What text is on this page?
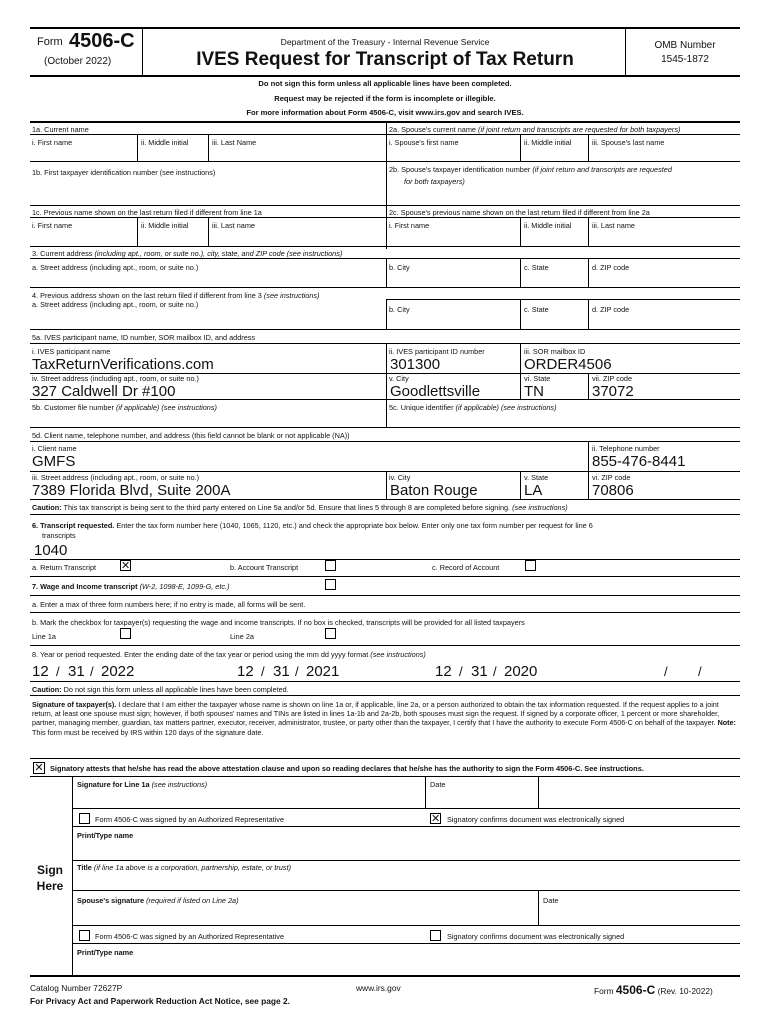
Form 4506-C
(October 2022)
Department of the Treasury - Internal Revenue Service
IVES Request for Transcript of Tax Return
OMB Number
1545-1872
Do not sign this form unless all applicable lines have been completed.
Request may be rejected if the form is incomplete or illegible.
For more information about Form 4506-C, visit www.irs.gov and search IVES.
1a. Current name	2a. Spouse's current name (if joint return and transcripts are requested for both taxpayers)
i. First name	ii. Middle initial	iii. Last Name	i. Spouse's first name	ii. Middle initial	iii. Spouse's last name
1b. First taxpayer identification number (see instructions)	2b. Spouse's taxpayer identification number (if joint return and transcripts are requested
for both taxpayers)
1c. Previous name shown on the last return filed if different from line 1a	2c. Spouse's previous name shown on the last return filed if different from line 2a
i. First name	ii. Middle initial	iii. Last name	i. First name	ii. Middle initial	iii. Last name
3. Current address (including apt., room, or suite no.), city, state, and ZIP code (see instructions)
a. Street address (including apt., room, or suite no.)	b. City	c. State	d. ZIP code
4. Previous address shown on the last return filed if different from line 3 (see instructions)
a. Street address (including apt., room, or suite no.)
b. City	c. State	d. ZIP code
5a. IVES participant name, ID number, SOR mailbox ID, and address
i. IVES participant name
TaxReturnVerifications.com
ii. IVES participant ID number
301300
iii. SOR mailbox ID
ORDER4506
iv. Street address (including apt., room, or suite no.)
327 Caldwell Dr #100
v. City
Goodlettsville
vi. State
TN
vii. ZIP code
37072
5b. Customer file number (if applicable) (see instructions)	5c. Unique identifier (if applicable) (see instructions)
5d. Client name, telephone number, and address (this field cannot be blank or not applicable (NA))
i. Client name
GMFS
ii. Telephone number
855-476-8441
iii. Street address (including apt., room, or suite no.)
7389 Florida Blvd, Suite 200A
iv. City
Baton Rouge
v. State
LA
vi. ZIP code
70806
Caution: This tax transcript is being sent to the third party entered on Line 5a and/or 5d. Ensure that lines 5 through 8 are completed before signing. (see instructions)
6. Transcript requested. Enter the tax form number here (1040, 1065, 1120, etc.) and check the appropriate box below. Enter only one tax form number per request for line 6
transcripts
1040
a. Return Transcript ✕	b. Account Transcript	c. Record of Account
7. Wage and Income transcript (W-2, 1098-E, 1099-G, etc.)
a. Enter a max of three form numbers here; if no entry is made, all forms will be sent.
b. Mark the checkbox for taxpayer(s) requesting the wage and income transcripts. If no box is checked, transcripts will be provided for all listed taxpayers
Line 1a	Line 2a
8. Year or period requested. Enter the ending date of the tax year or period using the mm dd yyyy format (see instructions)
12 / 31 / 2022	12 / 31 / 2021	12 / 31 / 2020	/ /
Caution: Do not sign this form unless all applicable lines have been completed.
Signature of taxpayer(s). I declare that I am either the taxpayer whose name is shown on line 1a or, if applicable, line 2a, or a person authorized to obtain the tax information requested. If the request applies to a joint return, at least one spouse must sign; however, if both spouses' names and TINs are listed in lines 1a-1b and 2a-2b, both spouses must sign the request. If signed by a corporate officer, 1 percent or more shareholder, partner, managing member, guardian, tax matters partner, executor, receiver, administrator, trustee, or party other than the taxpayer, I certify that I have the authority to execute Form 4506-C on behalf of the taxpayer. Note: This form must be received by IRS within 120 days of the signature date.
✕
Signatory attests that he/she has read the above attestation clause and upon so reading declares that he/she has the authority to sign the Form 4506-C. See instructions.
Sign
Here
Signature for Line 1a (see instructions)	Date
Form 4506-C was signed by an Authorized Representative ✕	Signatory confirms document was electronically signed
Print/Type name
Title (if line 1a above is a corporation, partnership, estate, or trust)
Spouse's signature (required if listed on Line 2a)	Date
Form 4506-C was signed by an Authorized Representative	Signatory confirms document was electronically signed
Print/Type name
Catalog Number 72627P
For Privacy Act and Paperwork Reduction Act Notice, see page 2.
www.irs.gov	Form 4506-C (Rev. 10-2022)
